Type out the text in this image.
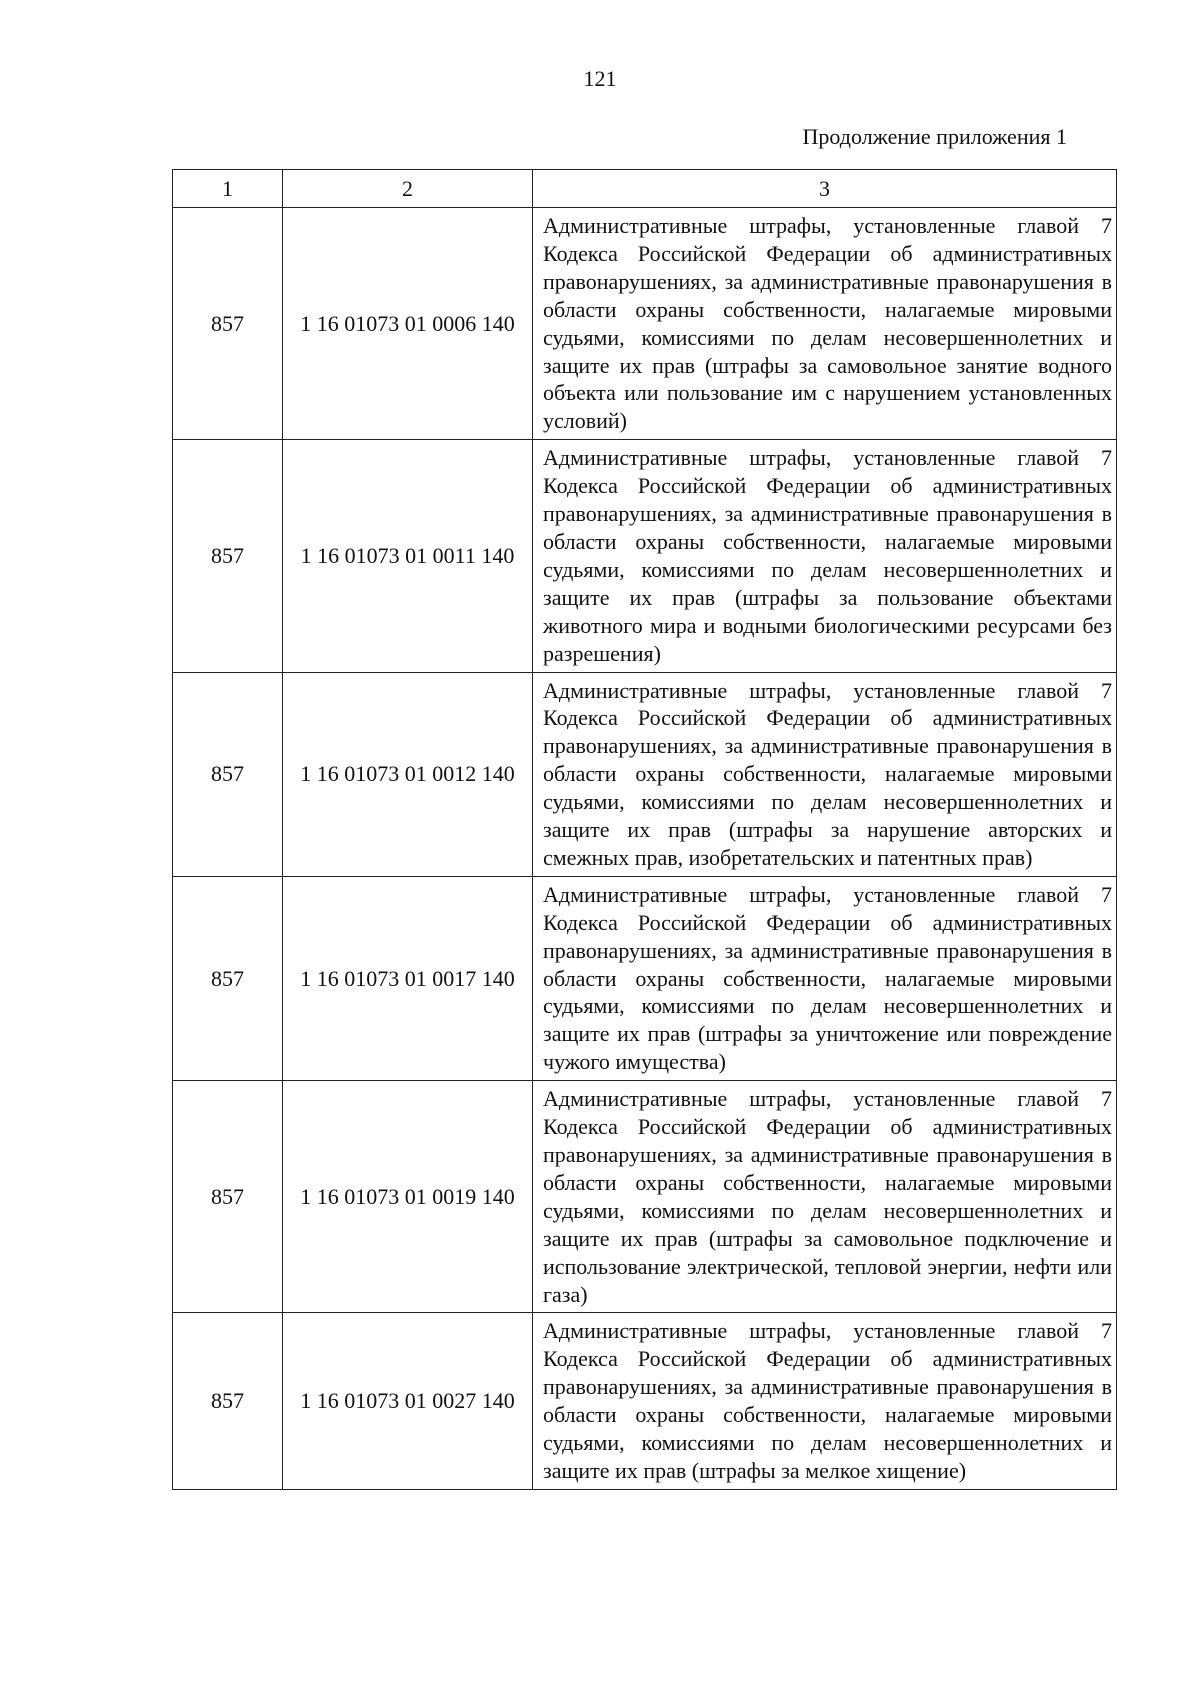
121
Продолжение приложения 1
1	2	3
857	1 16 01073 01 0006 140	Административные штрафы, установленные главой 7 Кодекса Российской Федерации об административных правонарушениях, за административные правонарушения в области охраны собственности, налагаемые мировыми судьями, комиссиями по делам несовершеннолетних и защите их прав (штрафы за самовольное занятие водного объекта или пользование им с нарушением установленных условий)
857	1 16 01073 01 0011 140	Административные штрафы, установленные главой 7 Кодекса Российской Федерации об административных правонарушениях, за административные правонарушения в области охраны собственности, налагаемые мировыми судьями, комиссиями по делам несовершеннолетних и защите их прав (штрафы за пользование объектами животного мира и водными биологическими ресурсами без разрешения)
857	1 16 01073 01 0012 140	Административные штрафы, установленные главой 7 Кодекса Российской Федерации об административных правонарушениях, за административные правонарушения в области охраны собственности, налагаемые мировыми судьями, комиссиями по делам несовершеннолетних и защите их прав (штрафы за нарушение авторских и смежных прав, изобретательских и патентных прав)
857	1 16 01073 01 0017 140	Административные штрафы, установленные главой 7 Кодекса Российской Федерации об административных правонарушениях, за административные правонарушения в области охраны собственности, налагаемые мировыми судьями, комиссиями по делам несовершеннолетних и защите их прав (штрафы за уничтожение или повреждение чужого имущества)
857	1 16 01073 01 0019 140	Административные штрафы, установленные главой 7 Кодекса Российской Федерации об административных правонарушениях, за административные правонарушения в области охраны собственности, налагаемые мировыми судьями, комиссиями по делам несовершеннолетних и защите их прав (штрафы за самовольное подключение и использование электрической, тепловой энергии, нефти или газа)
857	1 16 01073 01 0027 140	Административные штрафы, установленные главой 7 Кодекса Российской Федерации об административных правонарушениях, за административные правонарушения в области охраны собственности, налагаемые мировыми судьями, комиссиями по делам несовершеннолетних и защите их прав (штрафы за мелкое хищение)
